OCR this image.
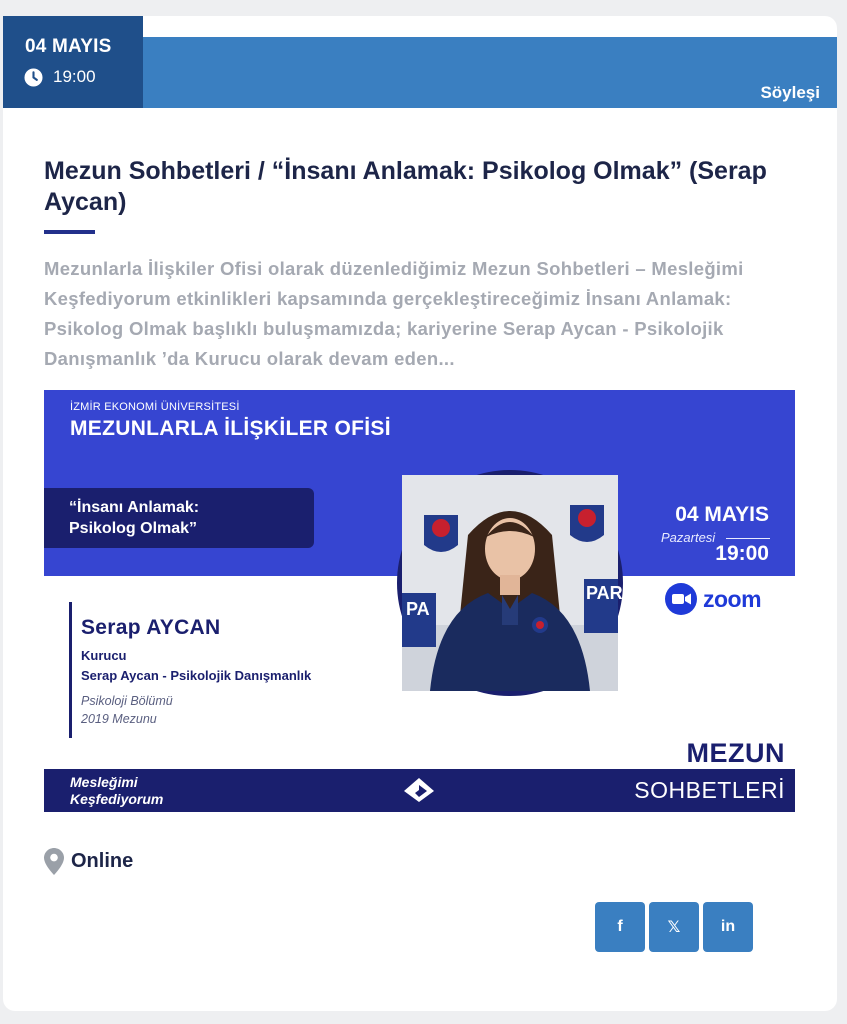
Söyleşi
04 MAYIS
19:00
Mezun Sohbetleri / “İnsanı Anlamak: Psikolog Olmak” (Serap Aycan)

Mezunlarla İlişkiler Ofisi olarak düzenlediğimiz Mezun Sohbetleri – Mesleğimi Keşfediyorum etkinlikleri kapsamında gerçekleştireceğimiz İnsanı Anlamak: Psikolog Olmak başlıklı buluşmamızda; kariyerine Serap Aycan - Psikolojik Danışmanlık ’da Kurucu olarak devam eden...

İZMİR EKONOMİ ÜNİVERSİTESİ
MEZUNLARLA İLİŞKİLER OFİSİ
“İnsanı Anlamak:
Psikolog Olmak”
04 MAYIS
Pazartesi
19:00
PA
PAR	zoom
Serap AYCAN
Kurucu
Serap Aycan - Psikolojik Danışmanlık
Psikoloji Bölümü
2019 Mezunu
MEZUN
Mesleğimi
Keşfediyorum	SOHBETLERİ
Online
f	𝕏	in
